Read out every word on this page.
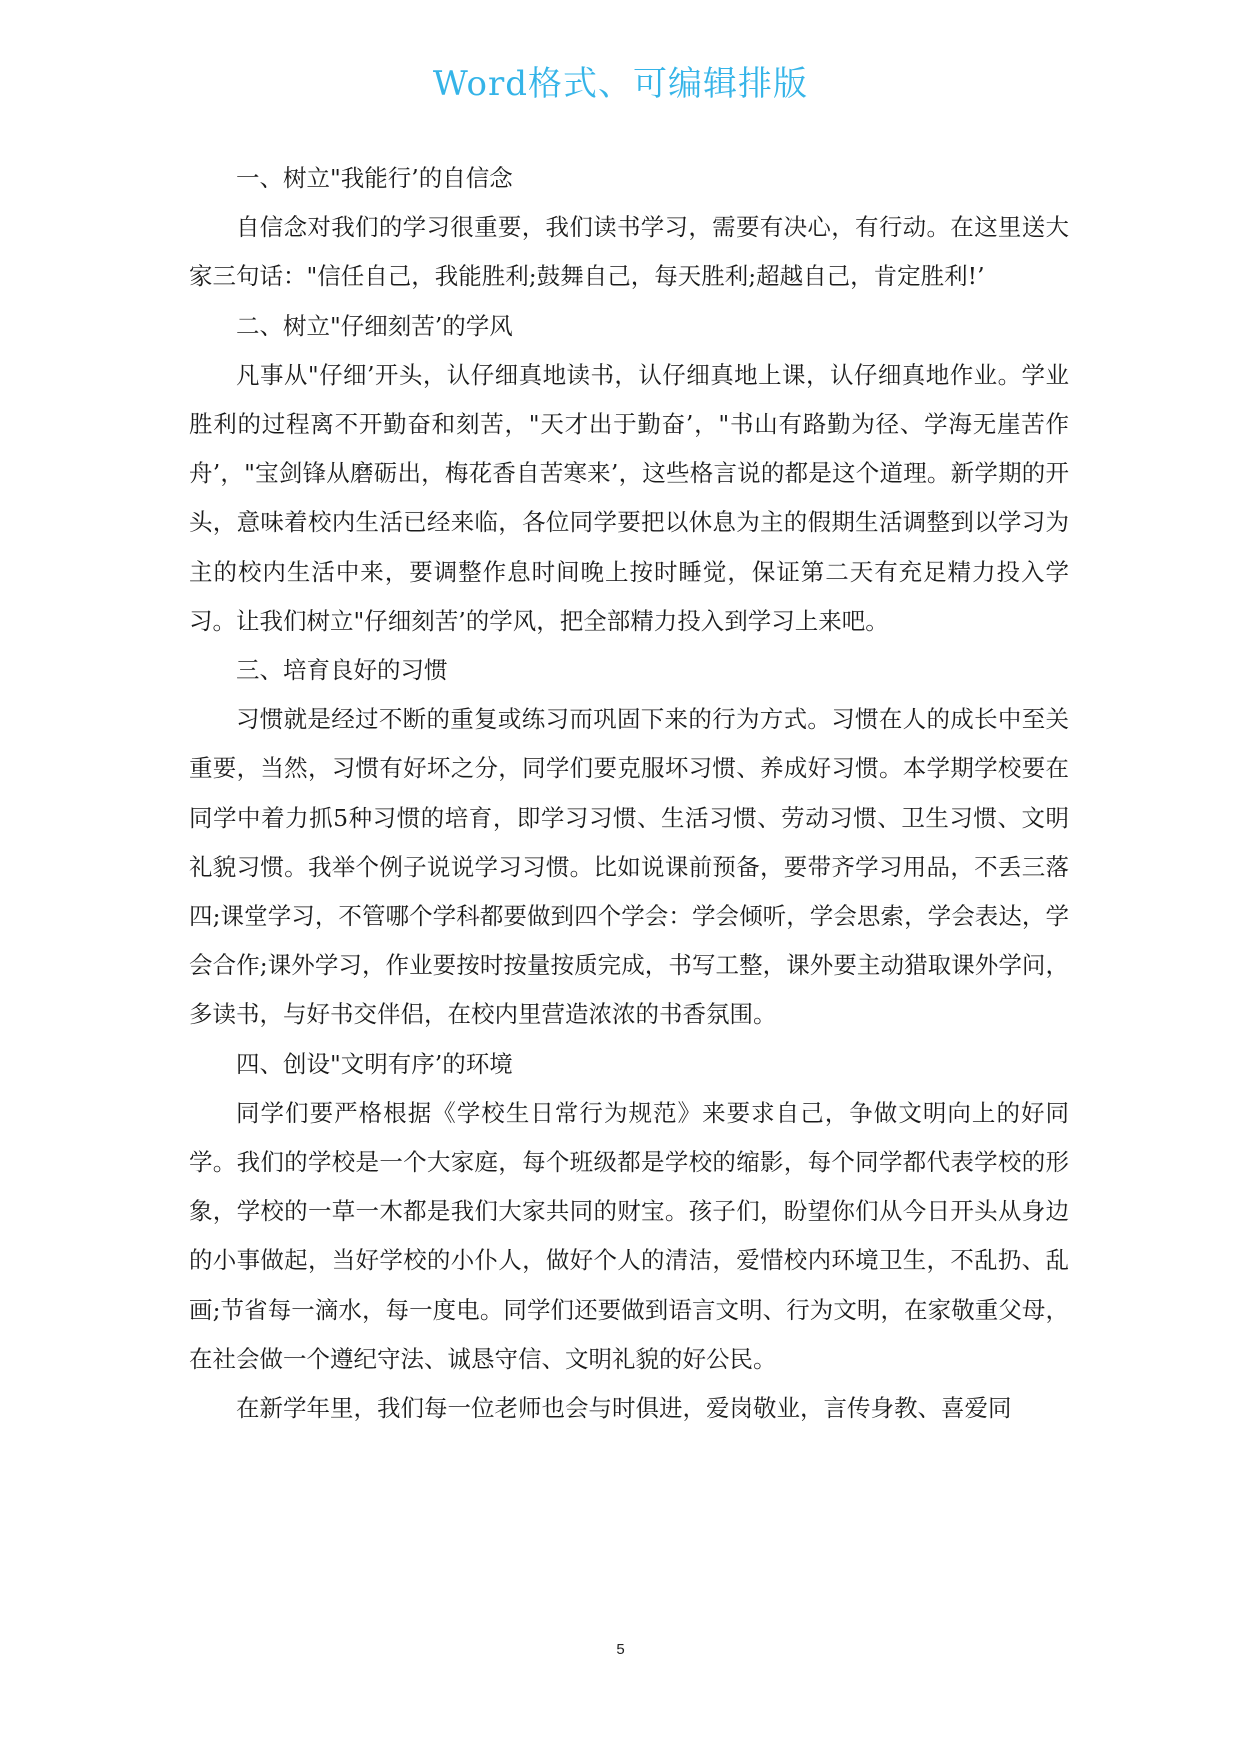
Word格式、可编辑排版

一、树立"我能行’的自信念

自信念对我们的学习很重要，我们读书学习，需要有决心，有行动。在这里送大家三句话："信任自己，我能胜利;鼓舞自己，每天胜利;超越自己，肯定胜利!’

二、树立"仔细刻苦’的学风

凡事从"仔细’开头，认仔细真地读书，认仔细真地上课，认仔细真地作业。学业胜利的过程离不开勤奋和刻苦，"天才出于勤奋’，"书山有路勤为径、学海无崖苦作舟’，"宝剑锋从磨砺出，梅花香自苦寒来’，这些格言说的都是这个道理。新学期的开头，意味着校内生活已经来临，各位同学要把以休息为主的假期生活调整到以学习为主的校内生活中来，要调整作息时间晚上按时睡觉，保证第二天有充足精力投入学习。让我们树立"仔细刻苦’的学风，把全部精力投入到学习上来吧。

三、培育良好的习惯

习惯就是经过不断的重复或练习而巩固下来的行为方式。习惯在人的成长中至关重要，当然，习惯有好坏之分，同学们要克服坏习惯、养成好习惯。本学期学校要在同学中着力抓5种习惯的培育，即学习习惯、生活习惯、劳动习惯、卫生习惯、文明礼貌习惯。我举个例子说说学习习惯。比如说课前预备，要带齐学习用品，不丢三落四;课堂学习，不管哪个学科都要做到四个学会：学会倾听，学会思索，学会表达，学会合作;课外学习，作业要按时按量按质完成，书写工整，课外要主动猎取课外学问，多读书，与好书交伴侣，在校内里营造浓浓的书香氛围。

四、创设"文明有序’的环境

同学们要严格根据《学校生日常行为规范》来要求自己，争做文明向上的好同学。我们的学校是一个大家庭，每个班级都是学校的缩影，每个同学都代表学校的形象，学校的一草一木都是我们大家共同的财宝。孩子们，盼望你们从今日开头从身边的小事做起，当好学校的小仆人，做好个人的清洁，爱惜校内环境卫生，不乱扔、乱画;节省每一滴水，每一度电。同学们还要做到语言文明、行为文明，在家敬重父母，在社会做一个遵纪守法、诚恳守信、文明礼貌的好公民。

在新学年里，我们每一位老师也会与时俱进，爱岗敬业，言传身教、喜爱同

5
